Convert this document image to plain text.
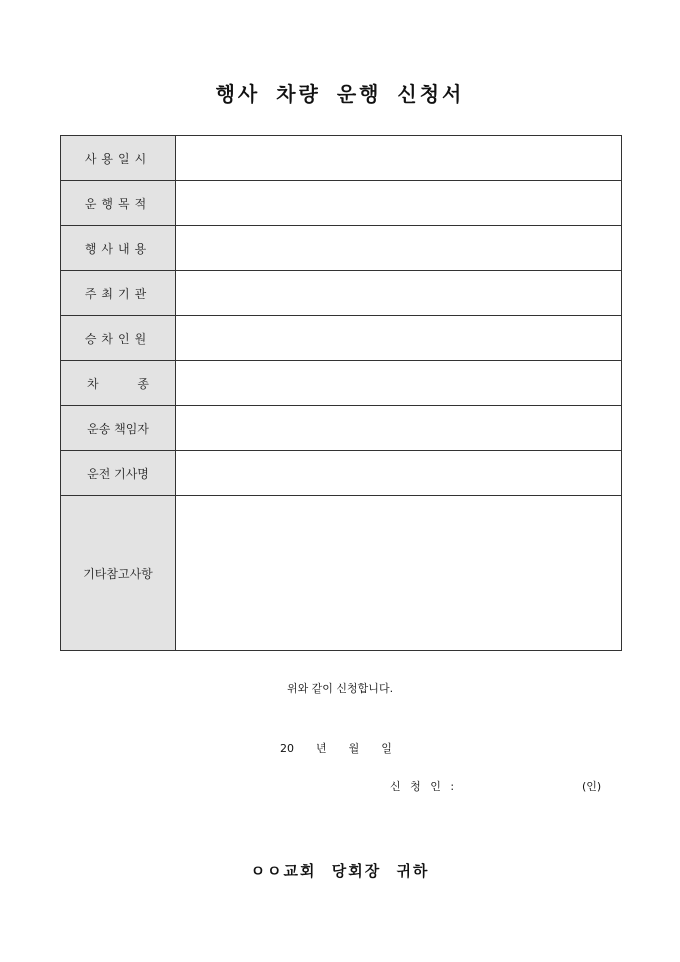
행사 차량 운행 신청서
사용일시	
운행목적	
행사내용	
주최기관	
승차인원	

차 종	

운송 책임자	
운전 기사명	
기타참고사항	
위와 같이 신청합니다.
20 년 월 일
신 청 인 :	(인)
ㅇㅇ교회 당회장 귀하
